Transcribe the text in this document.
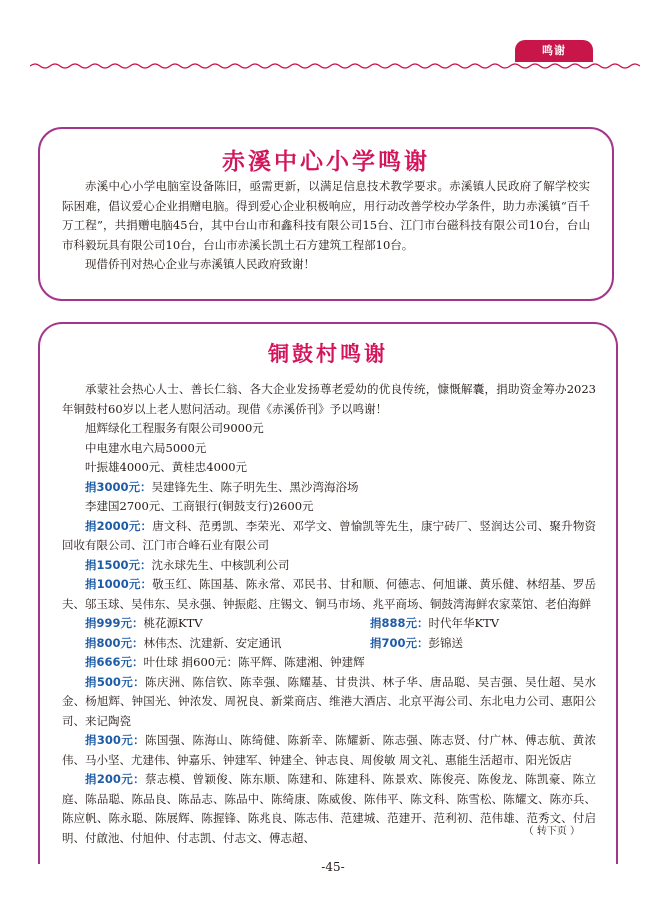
鸣谢
赤溪中心小学鸣谢

赤溪中心小学电脑室设备陈旧，亟需更新，以满足信息技术教学要求。赤溪镇人民政府了解学校实际困难，倡议爱心企业捐赠电脑。得到爱心企业积极响应，用行动改善学校办学条件，助力赤溪镇“百千万工程”，共捐赠电脑45台，其中台山市和鑫科技有限公司15台、江门市台磁科技有限公司10台，台山市科毅玩具有限公司10台，台山市赤溪长凯土石方建筑工程部10台。

现借侨刊对热心企业与赤溪镇人民政府致谢！

铜鼓村鸣谢

承蒙社会热心人士、善长仁翁、各大企业发扬尊老爱幼的优良传统，慷慨解囊，捐助资金筹办2023年铜鼓村60岁以上老人慰问活动。现借《赤溪侨刊》予以鸣谢！

旭辉绿化工程服务有限公司9000元

中电建水电六局5000元

叶振雄4000元、黄桂忠4000元

捐3000元：吴建锋先生、陈子明先生、黑沙湾海浴场

李建国2700元、工商银行(铜鼓支行)2600元

捐2000元：唐文科、范勇凯、李荣光、邓学文、曾愉凯等先生，康宁砖厂、竖润达公司、聚升物资回收有限公司、江门市合峰石业有限公司

捐1500元：沈永球先生、中核凯利公司

捐1000元：敬玉红、陈国基、陈永常、邓民书、甘和顺、何德志、何旭谦、黄乐健、林绍基、罗岳夫、邬玉球、吴伟东、吴永强、钟振彪、庄锡文、铜马市场、兆平商场、铜鼓湾海鲜农家菜馆、老伯海鲜

捐999元：桃花源KTV	捐888元：时代年华KTV
捐800元：林伟杰、沈建新、安定通讯	捐700元：彭锦送

捐666元：叶仕球 捐600元：陈平辉、陈建湘、钟建辉

捐500元：陈庆洲、陈信钦、陈幸强、陈耀基、甘贵洪、林子华、唐品聪、吴吉强、吴仕超、吴水金、杨旭辉、钟国光、钟浓发、周祝良、新棠商店、维港大酒店、北京平海公司、东北电力公司、惠阳公司、来记陶瓷

捐300元：陈国强、陈海山、陈绮健、陈新幸、陈耀新、陈志强、陈志贤、付广林、傅志航、黄浓伟、马小坚、尤建伟、钟嘉乐、钟建军、钟建全、钟志良、周俊敏 周文礼、惠能生活超市、阳光饭店

捐200元：蔡志模、曾颖俊、陈东顺、陈建和、陈建科、陈景欢、陈俊亮、陈俊龙、陈凯豪、陈立庭、陈品聪、陈品良、陈品志、陈品中、陈绮康、陈威俊、陈伟平、陈文科、陈雪松、陈耀文、陈亦兵、陈应帆、陈永聪、陈展辉、陈握锋、陈兆良、陈志伟、范建城、范建开、范利初、范伟雄、范秀文、付启明、付啟池、付旭仲、付志凯、付志文、傅志超、	（ 转下页 ）
-45-
